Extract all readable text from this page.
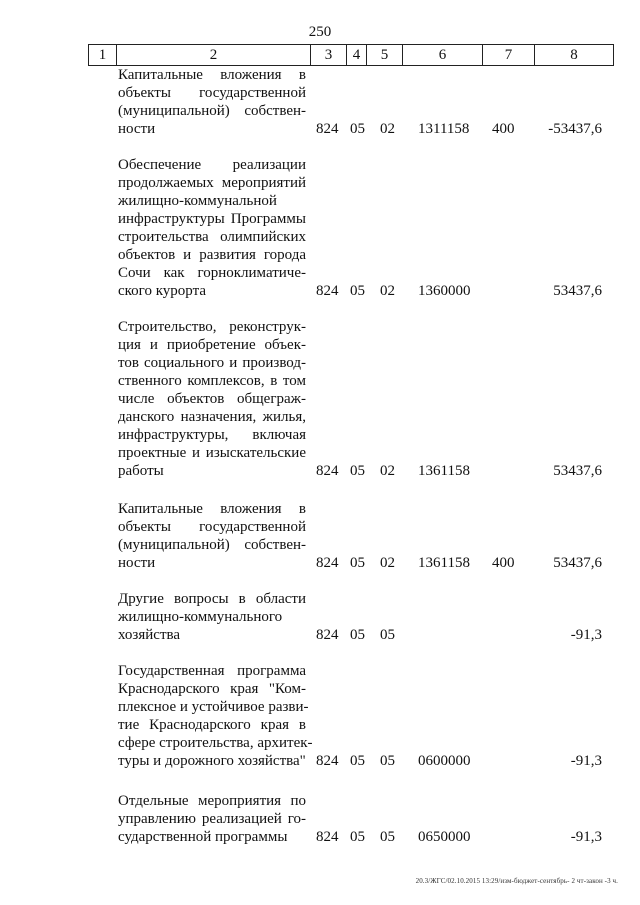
250
1	2	3	4	5	6	7	8
Капитальные вложения в
объекты государственной
(муниципальной) собствен-
ности	824 05 02 1311158 400 -53437,6
Обеспечение реализации
продолжаемых мероприятий
жилищно-коммунальной
инфраструктуры Программы
строительства олимпийских
объектов и развития города
Сочи как горноклиматиче-
ского курорта	824 05 02 1360000	53437,6
Строительство, реконструк-
ция и приобретение объек-
тов социального и производ-
ственного комплексов, в том
числе объектов общеграж-
данского назначения, жилья,
инфраструктуры, включая
проектные и изыскательские
работы	824 05 02 1361158	53437,6
Капитальные вложения в
объекты государственной
(муниципальной) собствен-
ности	824 05 02 1361158 400	53437,6
Другие вопросы в области
жилищно-коммунального
хозяйства	824 05 05	-91,3
Государственная программа
Краснодарского края "Ком-
плексное и устойчивое разви-
тие Краснодарского края в
сфере строительства, архитек-
туры и дорожного хозяйства" 824 05 05 0600000	-91,3
Отдельные мероприятия по
управлению реализацией го-
сударственной программы	824 05 05 0650000	-91,3
20.3/ЖГС/02.10.2015 13:29/изм-бюджет-сентябрь- 2 чт-закон -3 ч.
